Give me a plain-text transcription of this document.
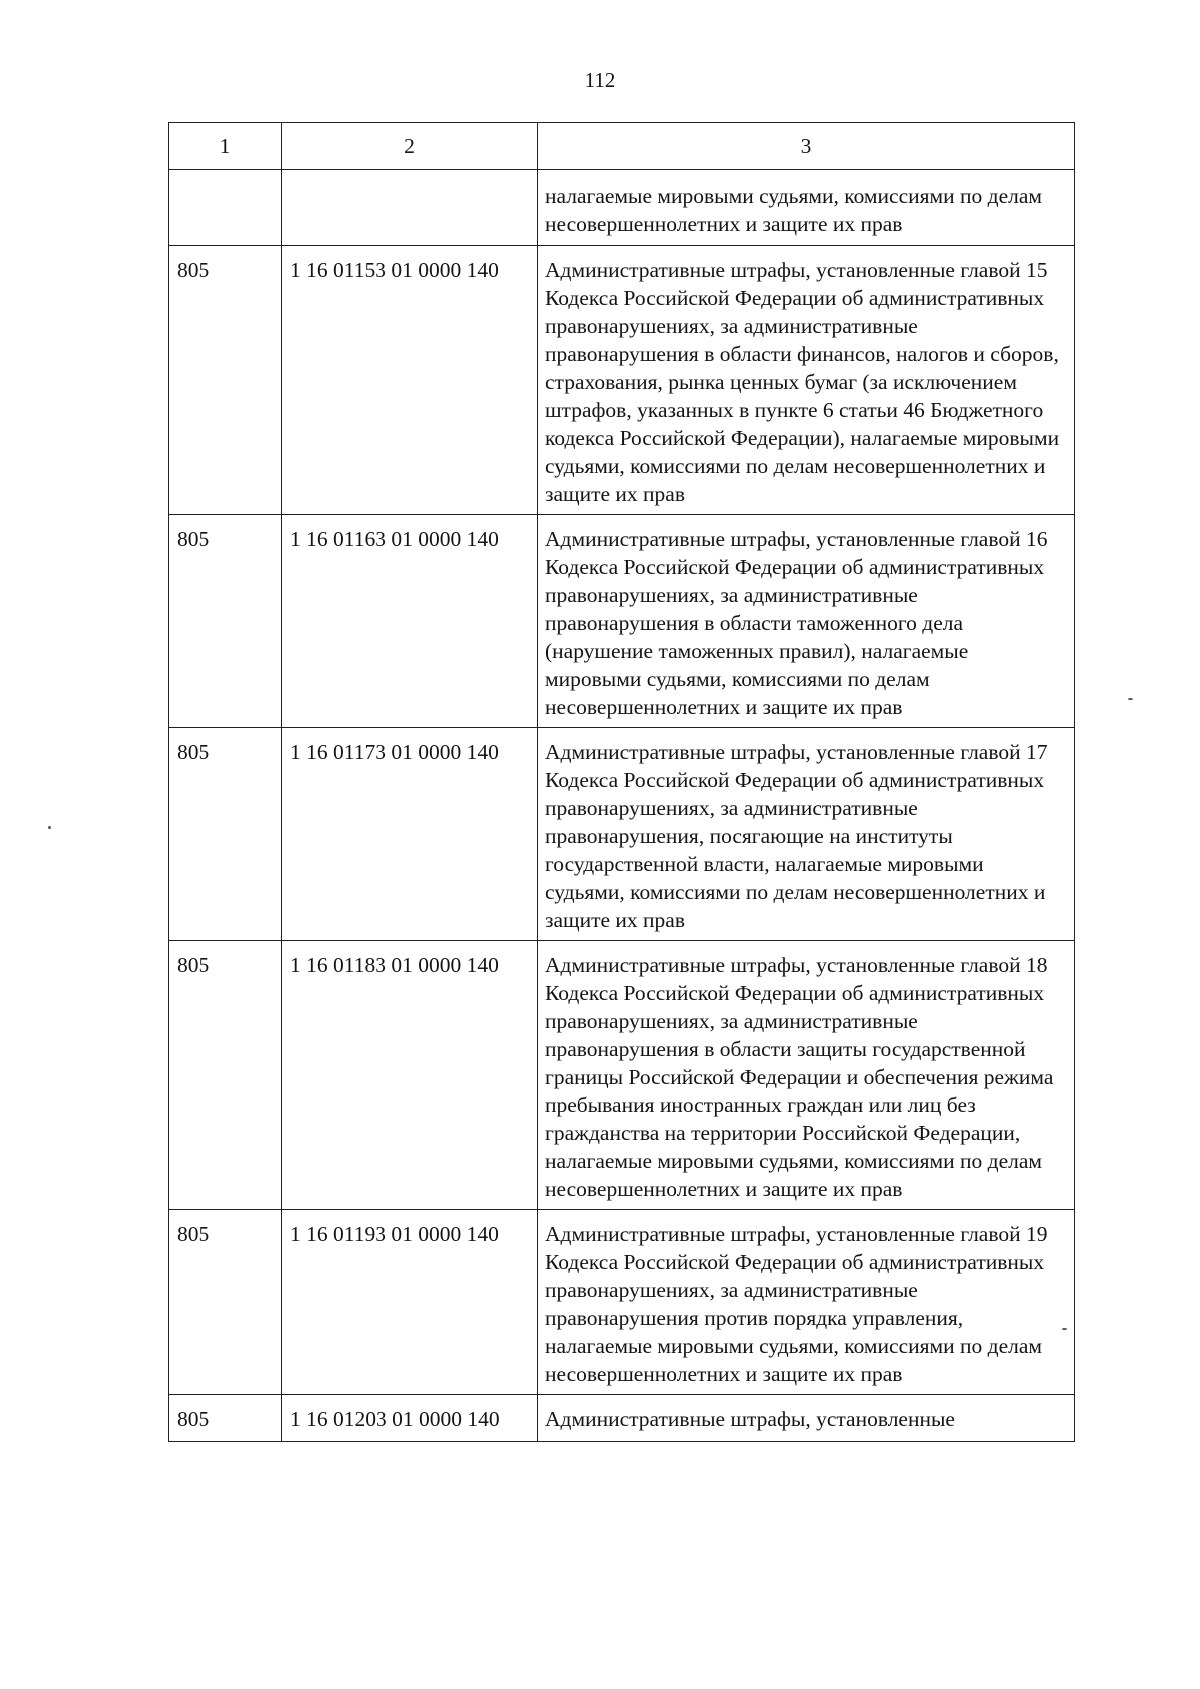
112
1	2	3
		налагаемые мировыми судьями, комиссиями по делам несовершеннолетних и защите их прав
805	1 16 01153 01 0000 140	Административные штрафы, установленные главой 15 Кодекса Российской Федерации об административных правонарушениях, за административные правонарушения в области финансов, налогов и сборов, страхования, рынка ценных бумаг (за исключением штрафов, указанных в пункте 6 статьи 46 Бюджетного кодекса Российской Федерации), налагаемые мировыми судьями, комиссиями по делам несовершеннолетних и защите их прав
805	1 16 01163 01 0000 140	Административные штрафы, установленные главой 16 Кодекса Российской Федерации об административных правонарушениях, за административные правонарушения в области таможенного дела (нарушение таможенных правил), налагаемые мировыми судьями, комиссиями по делам несовершеннолетних и защите их прав
805	1 16 01173 01 0000 140	Административные штрафы, установленные главой 17 Кодекса Российской Федерации об административных правонарушениях, за административные правонарушения, посягающие на институты государственной власти, налагаемые мировыми судьями, комиссиями по делам несовершеннолетних и защите их прав
805	1 16 01183 01 0000 140	Административные штрафы, установленные главой 18 Кодекса Российской Федерации об административных правонарушениях, за административные правонарушения в области защиты государственной границы Российской Федерации и обеспечения режима пребывания иностранных граждан или лиц без гражданства на территории Российской Федерации, налагаемые мировыми судьями, комиссиями по делам несовершеннолетних и защите их прав
805	1 16 01193 01 0000 140	Административные штрафы, установленные главой 19 Кодекса Российской Федерации об административных правонарушениях, за административные правонарушения против порядка управления, налагаемые мировыми судьями, комиссиями по делам несовершеннолетних и защите их прав
805	1 16 01203 01 0000 140	Административные штрафы, установленные
